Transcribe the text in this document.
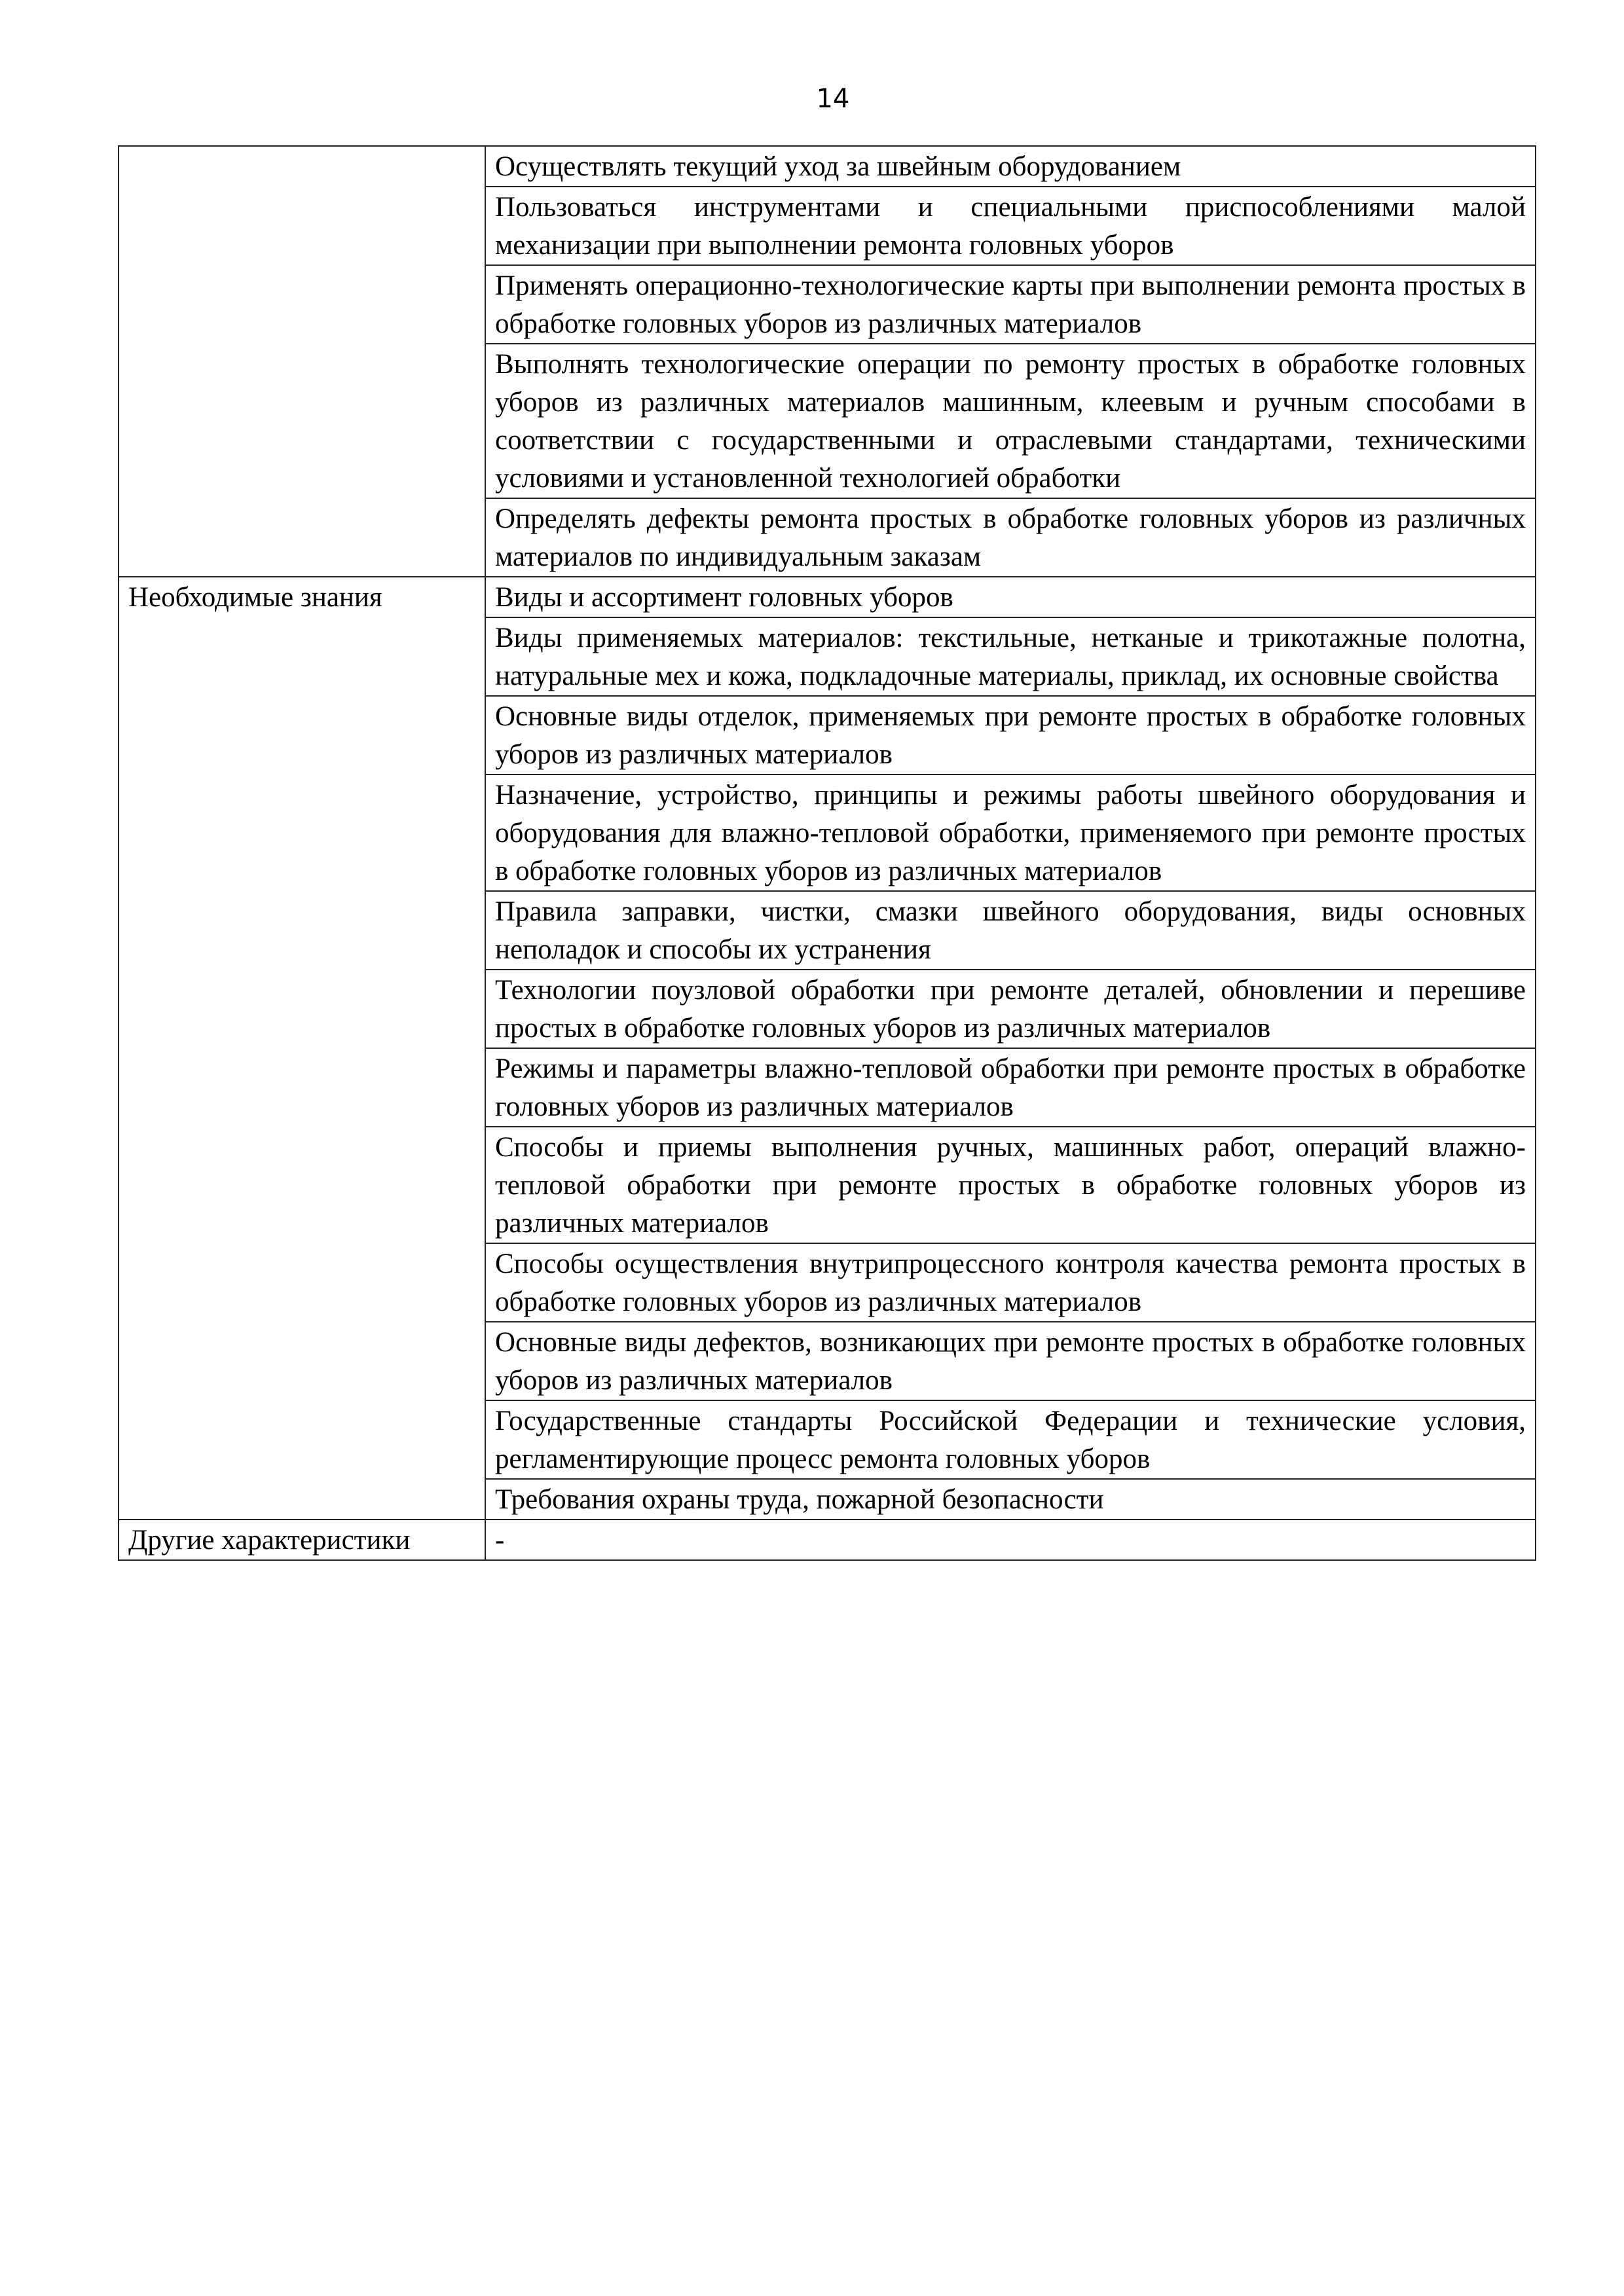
14
	Осуществлять текущий уход за швейным оборудованием
	Пользоваться инструментами и специальными приспособлениями малой механизации при выполнении ремонта головных уборов
	Применять операционно-технологические карты при выполнении ремонта простых в обработке головных уборов из различных материалов
	Выполнять технологические операции по ремонту простых в обработке головных уборов из различных материалов машинным, клеевым и ручным способами в соответствии с государственными и отраслевыми стандартами, техническими условиями и установленной технологией обработки
	Определять дефекты ремонта простых в обработке головных уборов из различных материалов по индивидуальным заказам
Необходимые знания	Виды и ассортимент головных уборов
	Виды применяемых материалов: текстильные, нетканые и трикотажные полотна, натуральные мех и кожа, подкладочные материалы, приклад, их основные свойства
	Основные виды отделок, применяемых при ремонте простых в обработке головных уборов из различных материалов
	Назначение, устройство, принципы и режимы работы швейного оборудования и оборудования для влажно-тепловой обработки, применяемого при ремонте простых в обработке головных уборов из различных материалов
	Правила заправки, чистки, смазки швейного оборудования, виды основных неполадок и способы их устранения
	Технологии поузловой обработки при ремонте деталей, обновлении и перешиве простых в обработке головных уборов из различных материалов
	Режимы и параметры влажно-тепловой обработки при ремонте простых в обработке головных уборов из различных материалов
	Способы и приемы выполнения ручных, машинных работ, операций влажно-тепловой обработки при ремонте простых в обработке головных уборов из различных материалов
	Способы осуществления внутрипроцессного контроля качества ремонта простых в обработке головных уборов из различных материалов
	Основные виды дефектов, возникающих при ремонте простых в обработке головных уборов из различных материалов
	Государственные стандарты Российской Федерации и технические условия, регламентирующие процесс ремонта головных уборов
	Требования охраны труда, пожарной безопасности
Другие характеристики	-
